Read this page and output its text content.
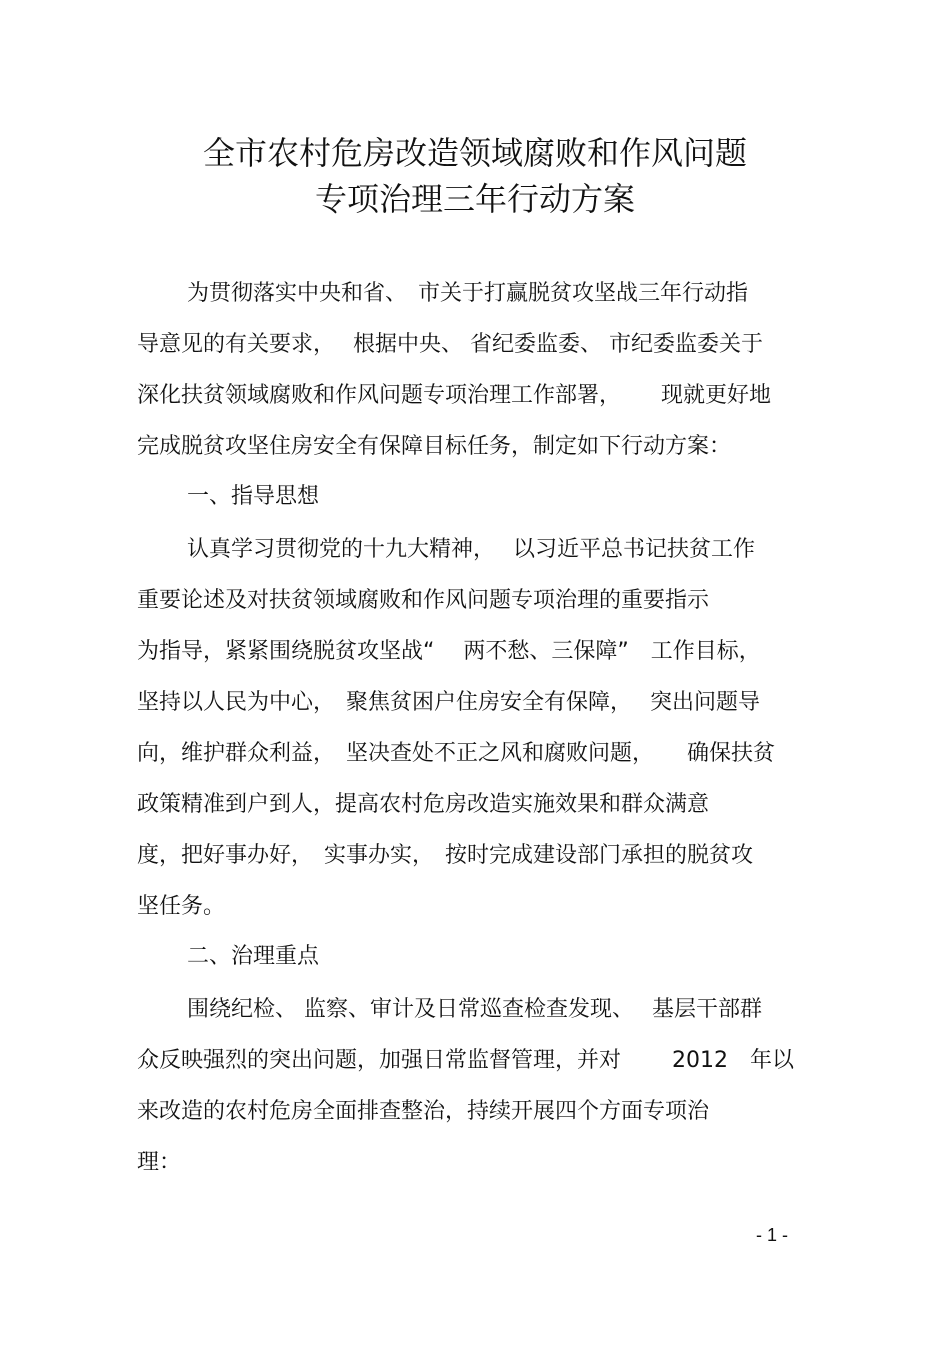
全市农村危房改造领域腐败和作风问题
专项治理三年行动方案
为贯彻落实中央和省、　市关于打赢脱贫攻坚战三年行动指
导意见的有关要求，　 根据中央、 省纪委监委、 市纪委监委关于
深化扶贫领域腐败和作风问题专项治理工作部署，　　 现就更好地
完成脱贫攻坚住房安全有保障目标任务，制定如下行动方案：
一、指导思想
认真学习贯彻党的十九大精神，　 以习近平总书记扶贫工作
重要论述及对扶贫领域腐败和作风问题专项治理的重要指示
为指导，紧紧围绕脱贫攻坚战“　 两不愁、三保障”　工作目标，
坚持以人民为中心，　聚焦贫困户住房安全有保障，　 突出问题导
向，维护群众利益，　坚决查处不正之风和腐败问题，　　确保扶贫
政策精准到户到人，提高农村危房改造实施效果和群众满意
度，把好事办好，　实事办实，　按时完成建设部门承担的脱贫攻
坚任务。
二、治理重点
围绕纪检、 监察、审计及日常巡查检查发现、　 基层干部群
众反映强烈的突出问题，加强日常监督管理，并对　　 2012　年以
来改造的农村危房全面排查整治，持续开展四个方面专项治
理：
- 1 -
